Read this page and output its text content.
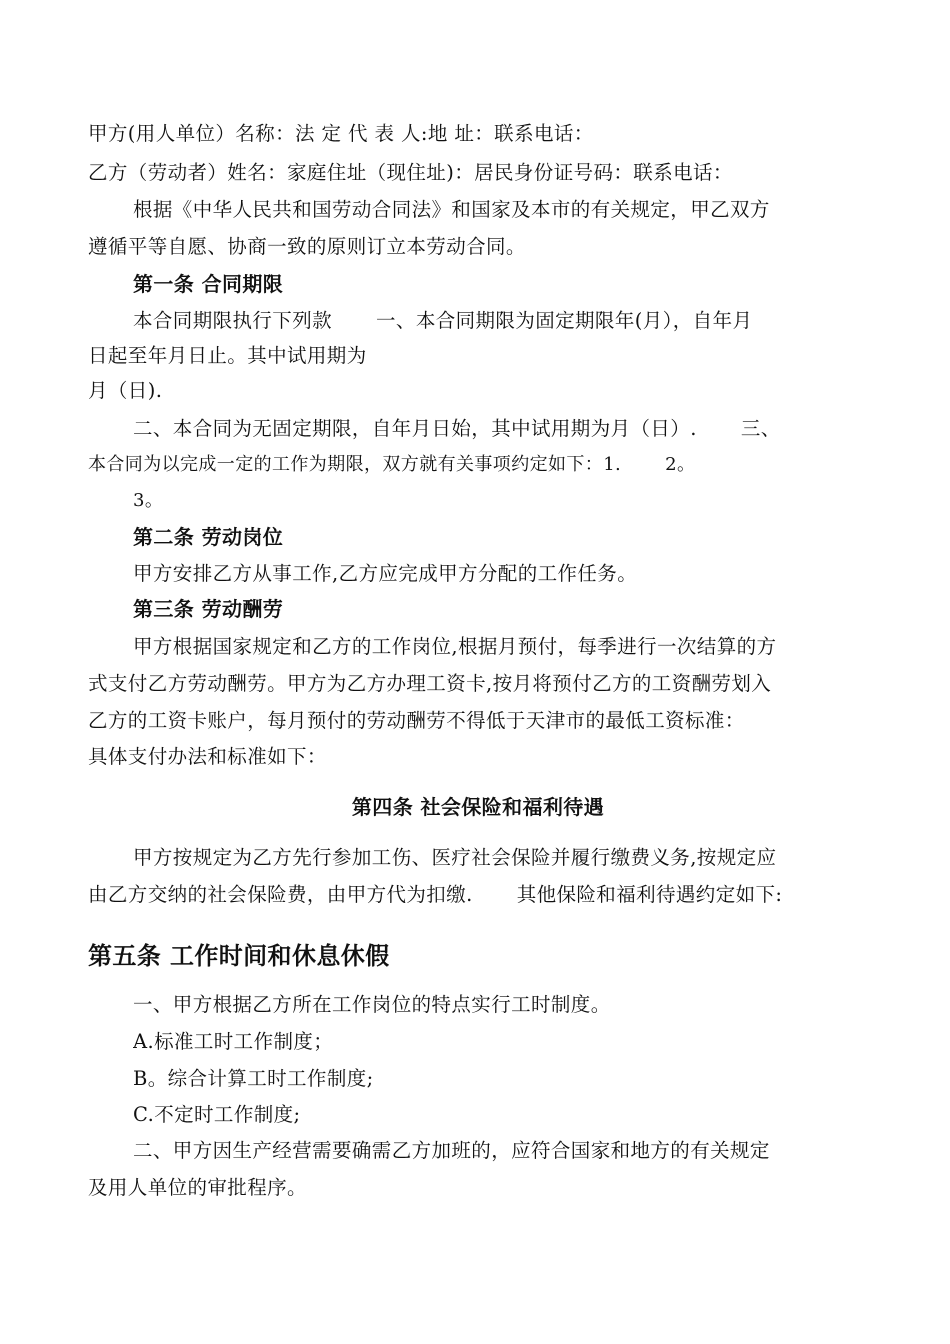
甲方(用人单位）名称：法 定 代 表 人:地 址：联系电话：
乙方（劳动者）姓名：家庭住址（现住址)：居民身份证号码：联系电话：
根据《中华人民共和国劳动合同法》和国家及本市的有关规定，甲乙双方
遵循平等自愿、协商一致的原则订立本劳动合同。
第一条 合同期限
本合同期限执行下列款 一、本合同期限为固定期限年(月），自年月
日起至年月日止。其中试用期为
月（日).
二、本合同为无固定期限，自年月日始，其中试用期为月（日）. 三、
本合同为以完成一定的工作为期限，双方就有关事项约定如下：1. 2。
3。
第二条 劳动岗位
甲方安排乙方从事工作,乙方应完成甲方分配的工作任务。
第三条 劳动酬劳
甲方根据国家规定和乙方的工作岗位,根据月预付，每季进行一次结算的方
式支付乙方劳动酬劳。甲方为乙方办理工资卡,按月将预付乙方的工资酬劳划入
乙方的工资卡账户，每月预付的劳动酬劳不得低于天津市的最低工资标准：
具体支付办法和标准如下：
第四条 社会保险和福利待遇
甲方按规定为乙方先行参加工伤、医疗社会保险并履行缴费义务,按规定应
由乙方交纳的社会保险费，由甲方代为扣缴. 其他保险和福利待遇约定如下:
第五条 工作时间和休息休假
一、甲方根据乙方所在工作岗位的特点实行工时制度。
A.标准工时工作制度；
B。综合计算工时工作制度;
C.不定时工作制度;
二、甲方因生产经营需要确需乙方加班的，应符合国家和地方的有关规定
及用人单位的审批程序。
